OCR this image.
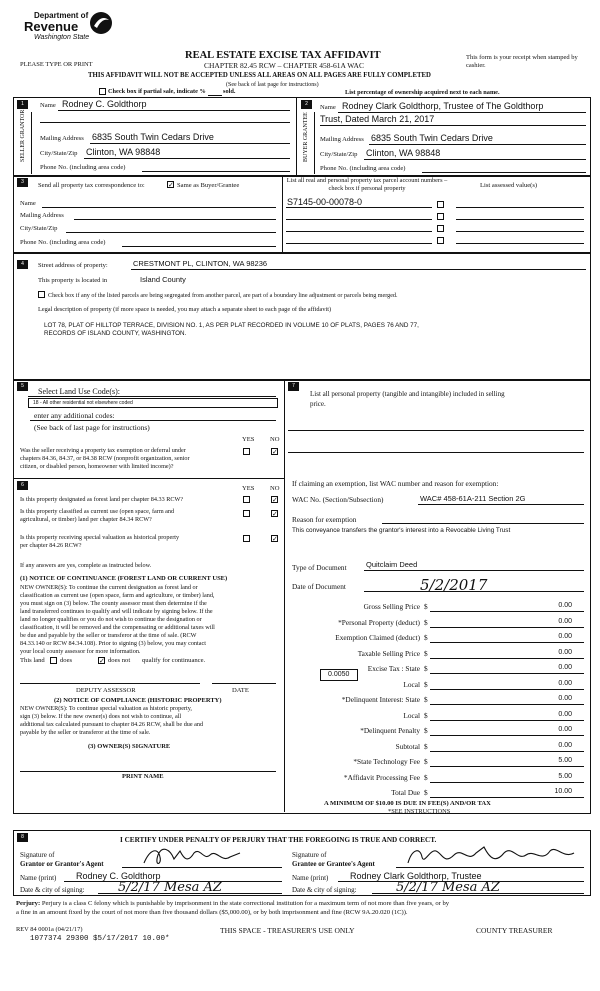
Department of
Revenue
Washington State
PLEASE TYPE OR PRINT
REAL ESTATE EXCISE TAX AFFIDAVIT
CHAPTER 82.45 RCW – CHAPTER 458-61A WAC
This form is your receipt when stamped by cashier.
THIS AFFIDAVIT WILL NOT BE ACCEPTED UNLESS ALL AREAS ON ALL PAGES ARE FULLY COMPLETED
(See back of last page for instructions)
Check box if partial sale, indicate %	sold.	List percentage of ownership acquired next to each name.
1
SELLER GRANTOR
Name Rodney C. Goldthorp
Mailing Address 6835 South Twin Cedars Drive
City/State/Zip Clinton, WA 98848
Phone No. (including area code)
2
BUYER GRANTEE
Name Rodney Clark Goldthorp, Trustee of The Goldthorp
Trust, Dated March 21, 2017
Mailing Address 6835 South Twin Cedars Drive
City/State/Zip Clinton, WA 98848
Phone No. (including area code)
3	Send all property tax correspondence to:	✓ Same as Buyer/Grantee
Name
Mailing Address
City/State/Zip
Phone No. (including area code)
List all real and personal property tax parcel account numbers – check box if personal property	List assessed value(s)
S7145-00-00078-0
4	Street address of property:	CRESTMONT PL, CLINTON, WA 98236
This property is located in	Island County
Check box if any of the listed parcels are being segregated from another parcel, are part of a boundary line adjustment or parcels being merged.
Legal description of property (if more space is needed, you may attach a separate sheet to each page of the affidavit)
LOT 78, PLAT OF HILLTOP TERRACE, DIVISION NO. 1, AS PER PLAT RECORDED IN VOLUME 10 OF PLATS, PAGES 76 AND 77,
RECORDS OF ISLAND COUNTY, WASHINGTON.
5
Select Land Use Code(s):
18 - All other residential not elsewhere coded
enter any additional codes:
(See back of last page for instructions)
YES NO
Was the seller receiving a property tax exemption or deferral under
chapters 84.36, 84.37, or 84.38 RCW (nonprofit organization, senior
citizen, or disabled person, homeowner with limited income)?
✓
6	YES NO
Is this property designated as forest land per chapter 84.33 RCW?	✓
Is this property classified as current use (open space, farm and
agricultural, or timber) land per chapter 84.34 RCW?
✓
Is this property receiving special valuation as historical property
per chapter 84.26 RCW?
✓
If any answers are yes, complete as instructed below.
(1) NOTICE OF CONTINUANCE (FOREST LAND OR CURRENT USE)
NEW OWNER(S): To continue the current designation as forest land or
classification as current use (open space, farm and agriculture, or timber) land,
you must sign on (3) below. The county assessor must then determine if the
land transferred continues to qualify and will indicate by signing below. If the
land no longer qualifies or you do not wish to continue the designation or
classification, it will be removed and the compensating or additional taxes will
be due and payable by the seller or transferor at the time of sale. (RCW
84.33.140 or RCW 84.34.108). Prior to signing (3) below, you may contact
your local county assessor for more information.
This land does	✓ does not qualify for continuance.
DEPUTY ASSESSOR	DATE
(2) NOTICE OF COMPLIANCE (HISTORIC PROPERTY)
NEW OWNER(S): To continue special valuation as historic property,
sign (3) below. If the new owner(s) does not wish to continue, all
additional tax calculated pursuant to chapter 84.26 RCW, shall be due and
payable by the seller or transferor at the time of sale.
(3) OWNER(S) SIGNATURE
PRINT NAME
7
List all personal property (tangible and intangible) included in selling
price.
If claiming an exemption, list WAC number and reason for exemption:
WAC No. (Section/Subsection)	WAC# 458-61A-211 Section 2G
Reason for exemption
This conveyance transfers the grantor's interest into a Revocable Living Trust
Type of Document	Quitclaim Deed
Date of Document	5/2/2017
Gross Selling Price $	0.00
*Personal Property (deduct) $	0.00
Exemption Claimed (deduct) $	0.00
Taxable Selling Price $	0.00
Excise Tax : State $	0.00
Local $	0.00
*Delinquent Interest: State $	0.00
Local $	0.00
*Delinquent Penalty $	0.00
Subtotal $	0.00
*State Technology Fee $	5.00
*Affidavit Processing Fee $	5.00
Total Due $	10.00
0.0050
A MINIMUM OF $10.00 IS DUE IN FEE(S) AND/OR TAX
*SEE INSTRUCTIONS
8	I CERTIFY UNDER PENALTY OF PERJURY THAT THE FOREGOING IS TRUE AND CORRECT.
Signature of
Grantor or Grantor's Agent
Name (print) Rodney C. Goldthorp
Date & city of signing:	5/2/17 Mesa AZ
Signature of
Grantee or Grantee's Agent
Name (print) Rodney Clark Goldthorp, Trustee
Date & city of signing:	5/2/17 Mesa AZ
Perjury: Perjury is a class C felony which is punishable by imprisonment in the state correctional institution for a maximum term of not more than five years, or by
a fine in an amount fixed by the court of not more than five thousand dollars ($5,000.00), or by both imprisonment and fine (RCW 9A.20.020 (1C)).
REV 84 0001a (04/21/17)
1077374 29300 $5/17/2017 10.00*
THIS SPACE - TREASURER'S USE ONLY	COUNTY TREASURER
